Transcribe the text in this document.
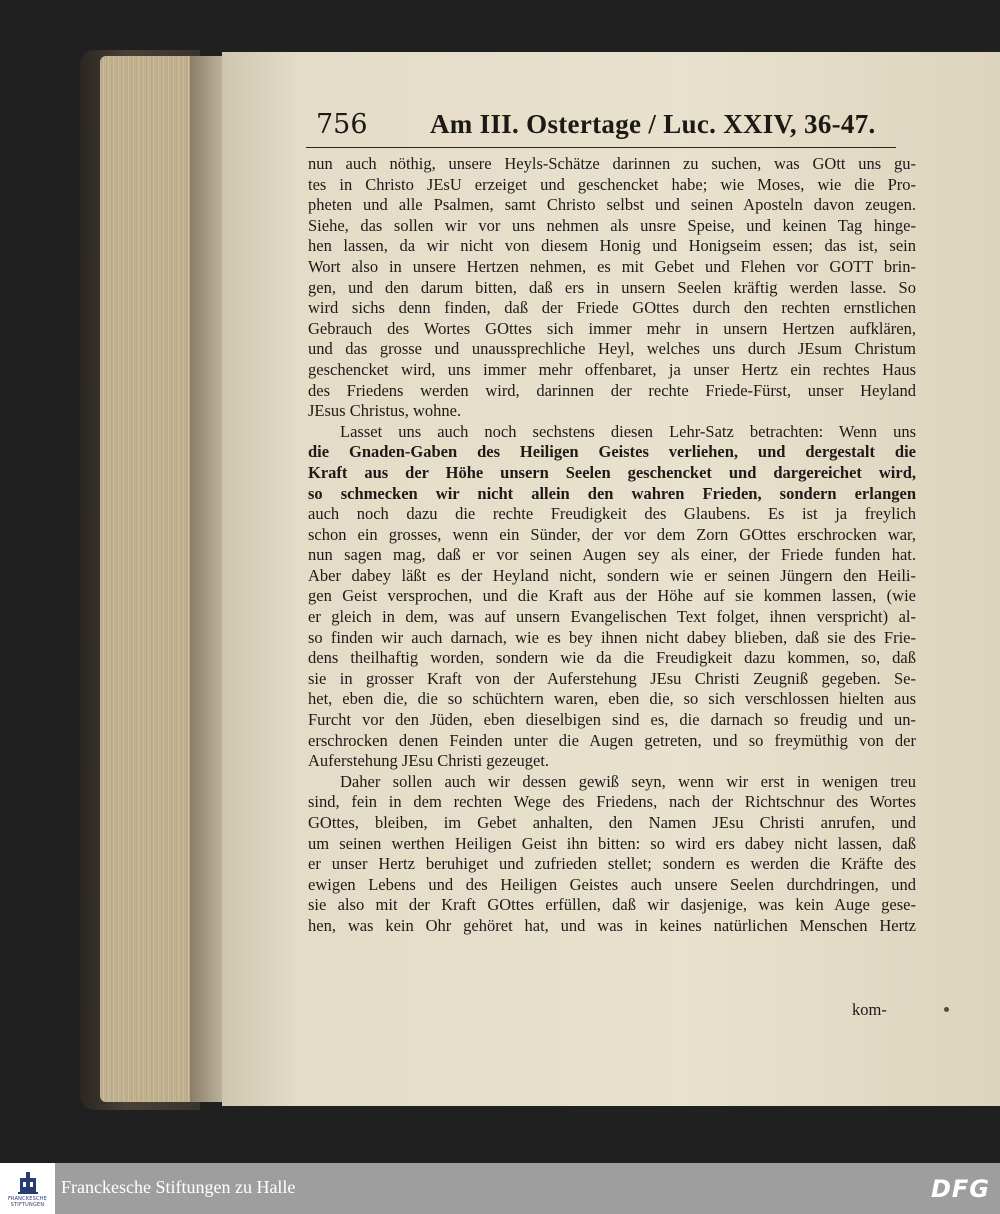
756 Am III. Ostertage / Luc. XXIV, 36-47.
nun auch nöthig, unsere Heyls-Schätze darinnen zu suchen, was GOtt uns gu-
tes in Christo JEsU erzeiget und geschencket habe; wie Moses, wie die Pro-
pheten und alle Psalmen, samt Christo selbst und seinen Aposteln davon zeugen.
Siehe, das sollen wir vor uns nehmen als unsre Speise, und keinen Tag hinge-
hen lassen, da wir nicht von diesem Honig und Honigseim essen; das ist, sein
Wort also in unsere Hertzen nehmen, es mit Gebet und Flehen vor GOTT brin-
gen, und den darum bitten, daß ers in unsern Seelen kräftig werden lasse. So
wird sichs denn finden, daß der Friede GOttes durch den rechten ernstlichen
Gebrauch des Wortes GOttes sich immer mehr in unsern Hertzen aufklären,
und das grosse und unaussprechliche Heyl, welches uns durch JEsum Christum
geschencket wird, uns immer mehr offenbaret, ja unser Hertz ein rechtes Haus
des Friedens werden wird, darinnen der rechte Friede-Fürst, unser Heyland
JEsus Christus, wohne.
Lasset uns auch noch sechstens diesen Lehr-Satz betrachten: Wenn uns
die Gnaden-Gaben des Heiligen Geistes verliehen, und dergestalt die
Kraft aus der Höhe unsern Seelen geschencket und dargereichet wird,
so schmecken wir nicht allein den wahren Frieden, sondern erlangen
auch noch dazu die rechte Freudigkeit des Glaubens. Es ist ja freylich
schon ein grosses, wenn ein Sünder, der vor dem Zorn GOttes erschrocken war,
nun sagen mag, daß er vor seinen Augen sey als einer, der Friede funden hat.
Aber dabey läßt es der Heyland nicht, sondern wie er seinen Jüngern den Heili-
gen Geist versprochen, und die Kraft aus der Höhe auf sie kommen lassen, (wie
er gleich in dem, was auf unsern Evangelischen Text folget, ihnen verspricht) al-
so finden wir auch darnach, wie es bey ihnen nicht dabey blieben, daß sie des Frie-
dens theilhaftig worden, sondern wie da die Freudigkeit dazu kommen, so, daß
sie in grosser Kraft von der Auferstehung JEsu Christi Zeugniß gegeben. Se-
het, eben die, die so schüchtern waren, eben die, so sich verschlossen hielten aus
Furcht vor den Jüden, eben dieselbigen sind es, die darnach so freudig und un-
erschrocken denen Feinden unter die Augen getreten, und so freymüthig von der
Auferstehung JEsu Christi gezeuget.
Daher sollen auch wir dessen gewiß seyn, wenn wir erst in wenigen treu
sind, fein in dem rechten Wege des Friedens, nach der Richtschnur des Wortes
GOttes, bleiben, im Gebet anhalten, den Namen JEsu Christi anrufen, und
um seinen werthen Heiligen Geist ihn bitten: so wird ers dabey nicht lassen, daß
er unser Hertz beruhiget und zufrieden stellet; sondern es werden die Kräfte des
ewigen Lebens und des Heiligen Geistes auch unsere Seelen durchdringen, und
sie also mit der Kraft GOttes erfüllen, daß wir dasjenige, was kein Auge gese-
hen, was kein Ohr gehöret hat, und was in keines natürlichen Menschen Hertz
kom-
FRANCKESCHE
STIFTUNGEN
Franckesche Stiftungen zu Halle	DFG
